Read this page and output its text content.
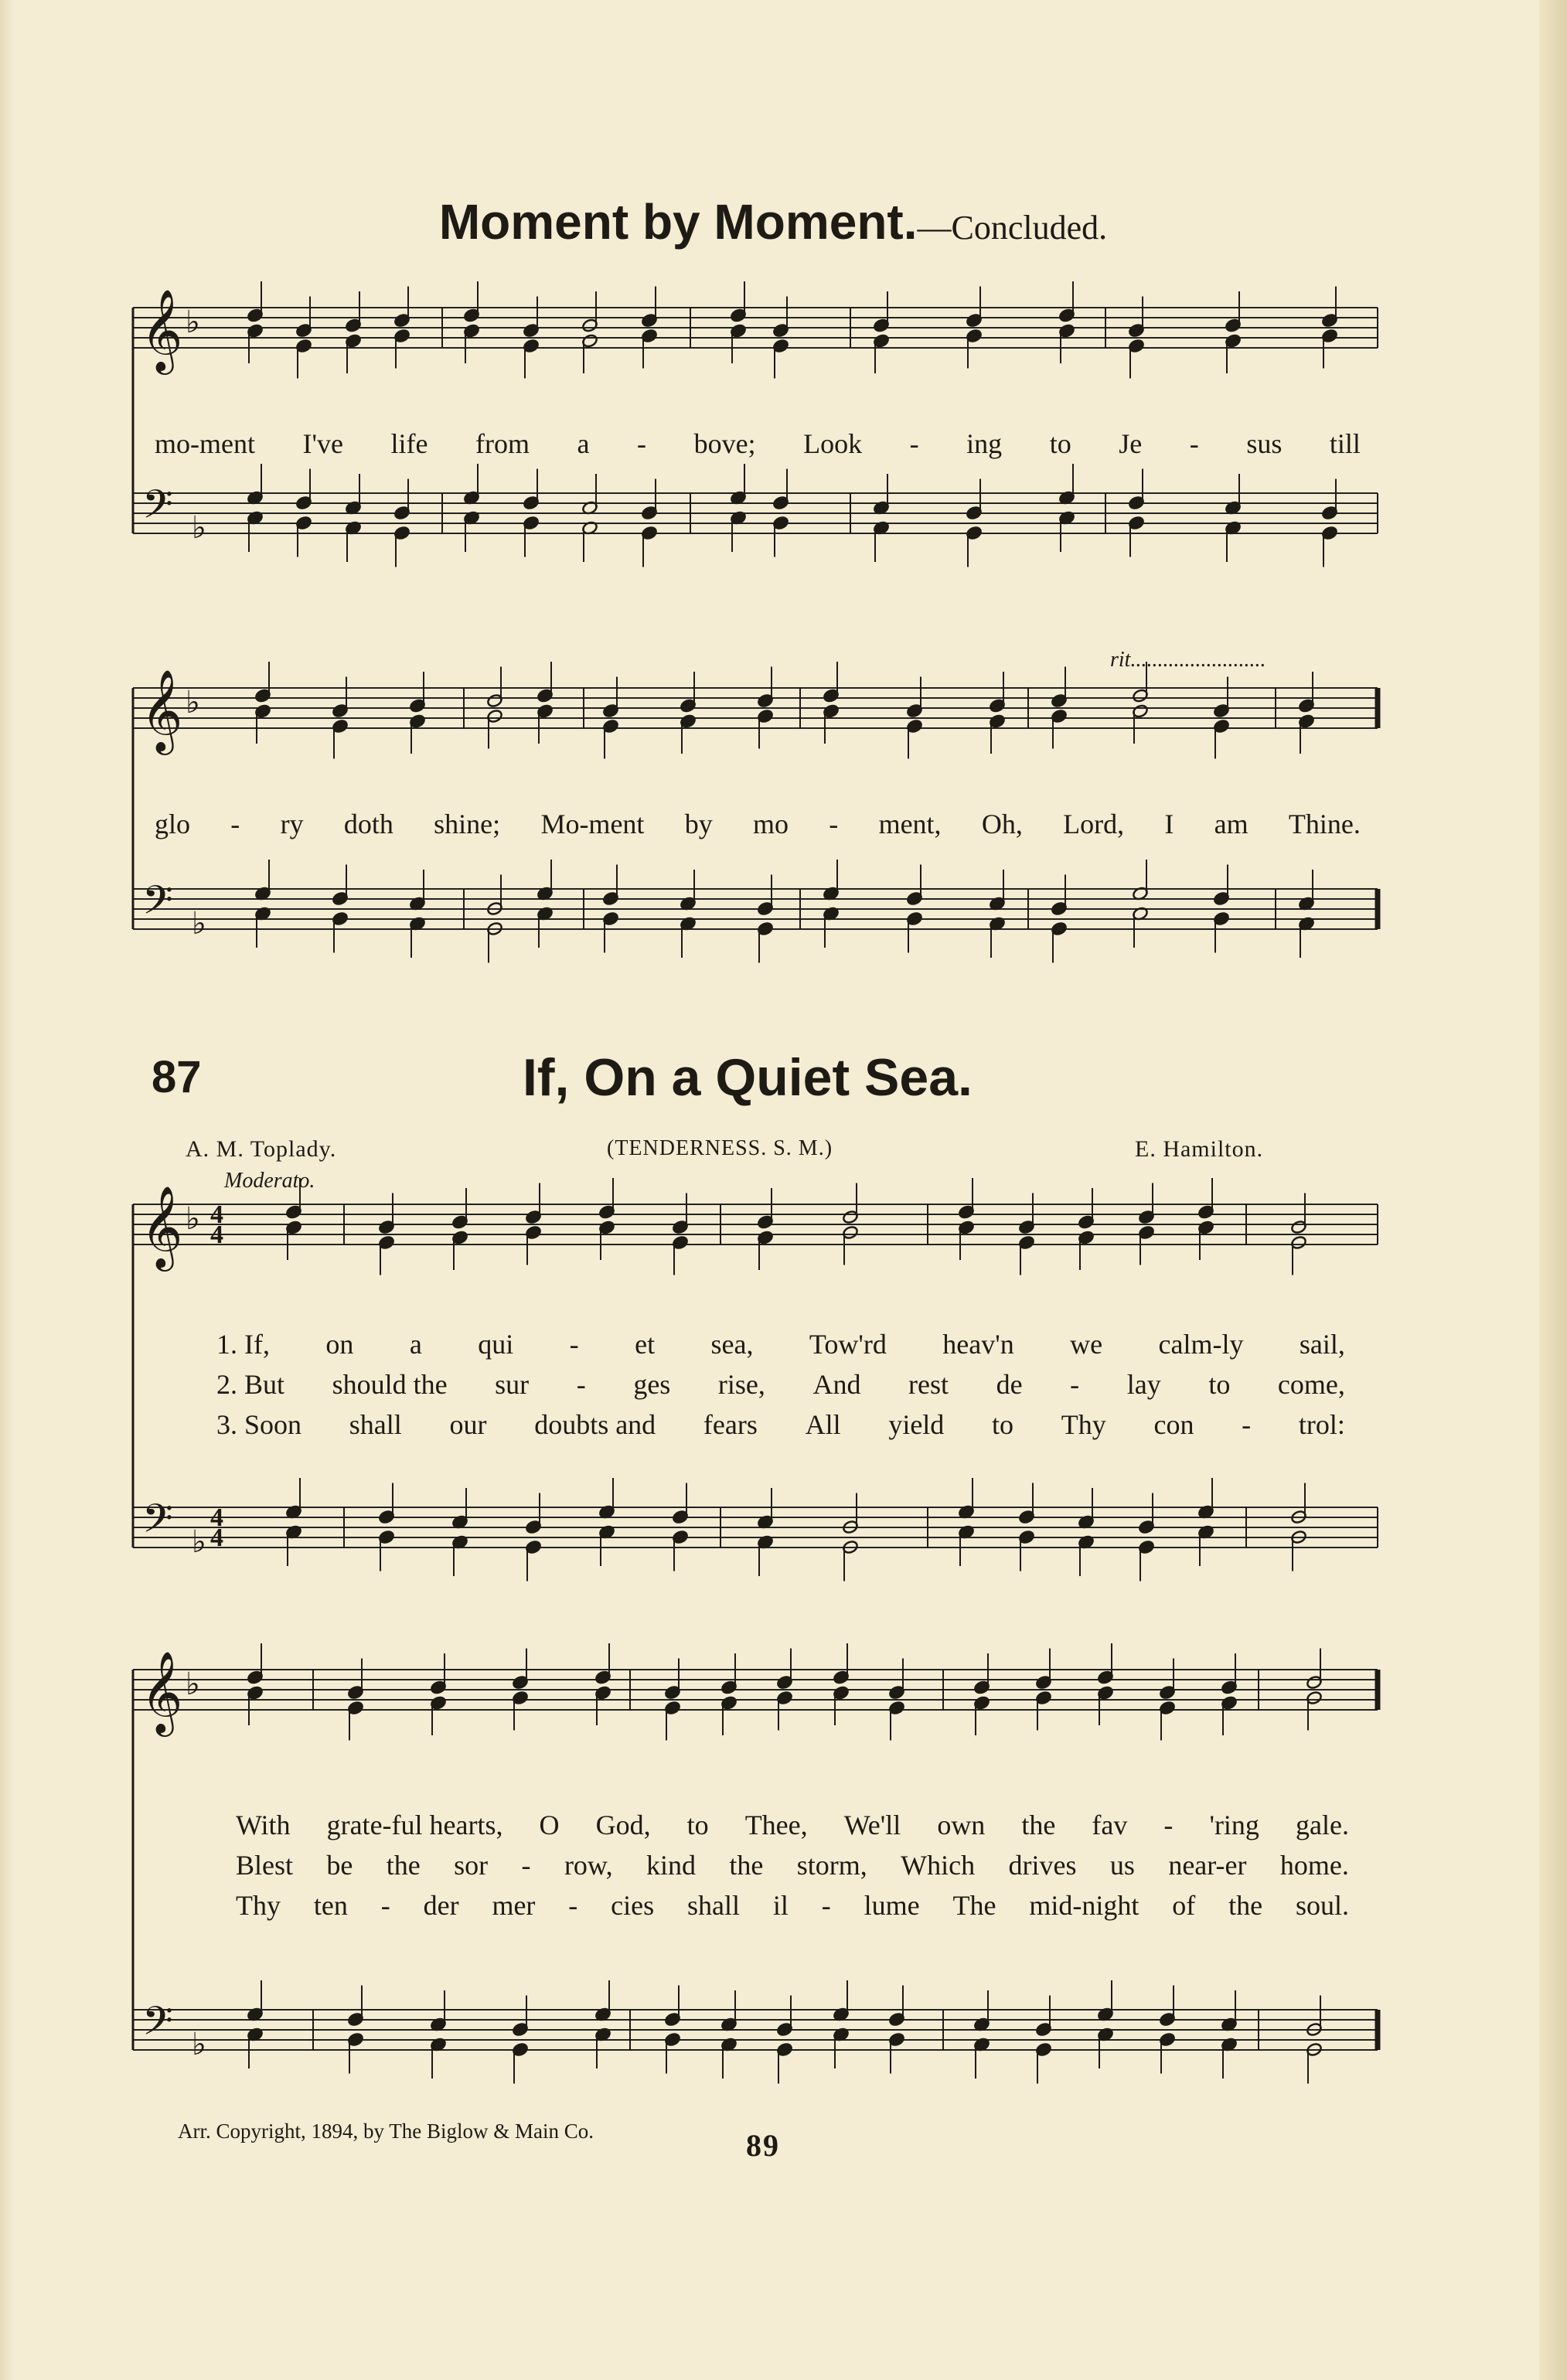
Moment by Moment.—Concluded.
𝄞
𝄢
♭
♭
mo-ment I've life from a - bove; Look - ing to Je - sus till
𝄞
𝄢
♭
♭
rit.........................
glo - ry doth shine; Mo-ment by mo - ment, Oh, Lord, I am Thine.
87	If, On a Quiet Sea.
A. M. Toplady.	(TENDERNESS. S. M.)	E. Hamilton.
Moderato.
𝄞
𝄢
♭
♭
4
4
4
4
1. If, on a qui - et sea, Tow'rd heav'n we calm-ly sail,
2. But should the sur - ges rise, And rest de - lay to come,
3. Soon shall our doubts and fears All yield to Thy con - trol:
𝄞
𝄢
♭
♭
With grate-ful hearts, O God, to Thee, We'll own the fav - 'ring gale.
Blest be the sor - row, kind the storm, Which drives us near-er home.
Thy ten - der mer - cies shall il - lume The mid-night of the soul.
Arr. Copyright, 1894, by The Biglow & Main Co.	89
